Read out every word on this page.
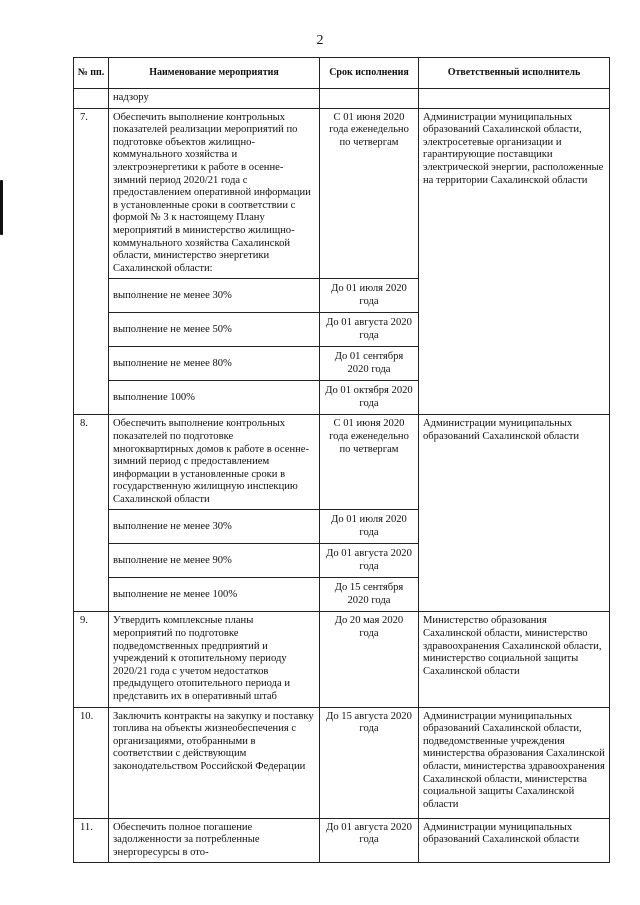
2
№ пп.	Наименование мероприятия	Срок исполнения	Ответственный исполнитель
	надзору		
7.	Обеспечить выполнение контрольных показателей реализации мероприятий по подготовке объектов жилищно-коммунального хозяйства и электроэнергетики к работе в осенне-зимний период 2020/21 года с предоставлением оперативной информации в установленные сроки в соответствии с формой № 3 к настоящему Плану мероприятий в министерство жилищно-коммунального хозяйства Сахалинской области, министерство энергетики Сахалинской области:	С 01 июня 2020 года еженедельно по четвергам	Администрации муниципальных образований Сахалинской области, электросетевые организации и гарантирующие поставщики электрической энергии, расположенные на территории Сахалинской области
	выполнение не менее 30%	До 01 июля 2020 года	
	выполнение не менее 50%	До 01 августа 2020 года	
	выполнение не менее 80%	До 01 сентября 2020 года	
	выполнение 100%	До 01 октября 2020 года	
8.	Обеспечить выполнение контрольных показателей по подготовке многоквартирных домов к работе в осенне-зимний период с предоставлением информации в установленные сроки в государственную жилищную инспекцию Сахалинской области	С 01 июня 2020 года еженедельно по четвергам	Администрации муниципальных образований Сахалинской области
	выполнение не менее 30%	До 01 июля 2020 года	
	выполнение не менее 90%	До 01 августа 2020 года	
	выполнение не менее 100%	До 15 сентября 2020 года	
9.	Утвердить комплексные планы мероприятий по подготовке подведомственных предприятий и учреждений к отопительному периоду 2020/21 года с учетом недостатков предыдущего отопительного периода и представить их в оперативный штаб	До 20 мая 2020 года	Министерство образования Сахалинской области, министерство здравоохранения Сахалинской области, министерство социальной защиты Сахалинской области
10.	Заключить контракты на закупку и поставку топлива на объекты жизнеобеспечения с организациями, отобранными в соответствии с действующим законодательством Российской Федерации	До 15 августа 2020 года	Администрации муниципальных образований Сахалинской области, подведомственные учреждения министерства образования Сахалинской области, министерства здравоохранения Сахалинской области, министерства социальной защиты Сахалинской области
11.	Обеспечить полное погашение задолженности за потребленные энергоресурсы в ото-	До 01 августа 2020 года	Администрации муниципальных образований Сахалинской области
